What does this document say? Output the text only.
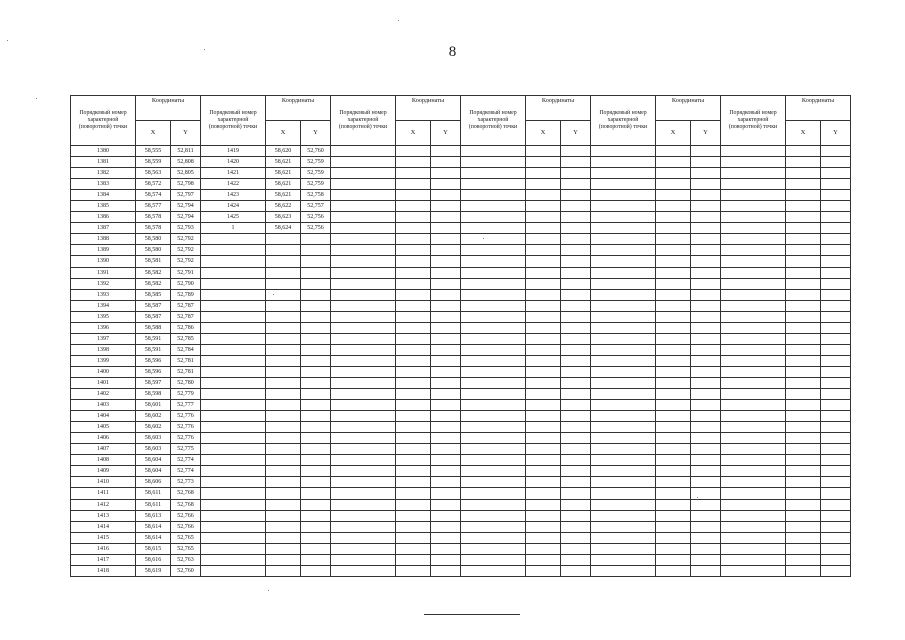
8
Порядковый номер характерной (поворотной) точки	Координаты		Порядковый номер характерной (поворотной) точки	Координаты		Порядковый номер характерной (поворотной) точки	Координаты		Порядковый номер характерной (поворотной) точки	Координаты		Порядковый номер характерной (поворотной) точки	Координаты		Порядковый номер характерной (поворотной) точки	Координаты	
	X	Y		X	Y		X	Y		X	Y		X	Y		X	Y
1380	58,555	52,811	1419	58,620	52,760												
1381	58,559	52,808	1420	58,621	52,759												
1382	58,563	52,805	1421	58,621	52,759												
1383	58,572	52,798	1422	58,621	52,759												
1384	58,574	52,797	1423	58,621	52,758												
1385	58,577	52,794	1424	58,622	52,757												
1386	58,578	52,794	1425	58,623	52,756												
1387	58,578	52,793	1	58,624	52,756												
1388	58,580	52,792															
1389	58,580	52,792															
1390	58,581	52,792															
1391	58,582	52,791															
1392	58,582	52,790															
1393	58,585	52,789															
1394	58,587	52,787															
1395	58,587	52,787															
1396	58,588	52,786															
1397	58,591	52,785															
1398	58,591	52,784															
1399	58,596	52,781															
1400	58,596	52,781															
1401	58,597	52,780															
1402	58,598	52,779															
1403	58,601	52,777															
1404	58,602	52,776															
1405	58,602	52,776															
1406	58,603	52,776															
1407	58,603	52,775															
1408	58,604	52,774															
1409	58,604	52,774															
1410	58,606	52,773															
1411	58,611	52,768															
1412	58,611	52,768															
1413	58,613	52,766															
1414	58,614	52,766															
1415	58,614	52,765															
1416	58,615	52,765															
1417	58,616	52,763															
1418	58,619	52,760															
